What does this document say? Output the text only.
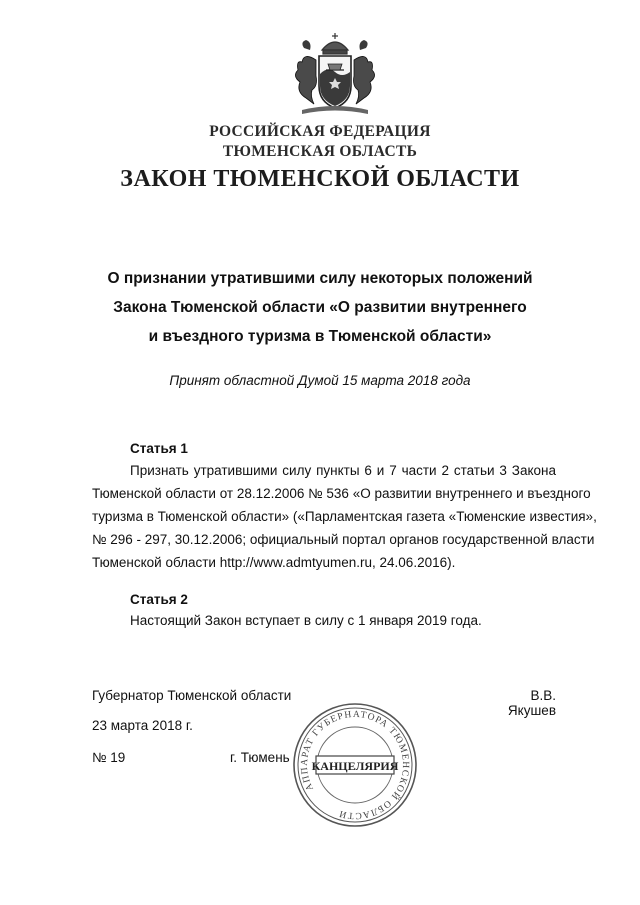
РОССИЙСКАЯ ФЕДЕРАЦИЯ
ТЮМЕНСКАЯ ОБЛАСТЬ
ЗАКОН ТЮМЕНСКОЙ ОБЛАСТИ
О признании утратившими силу некоторых положений
Закона Тюменской области «О развитии внутреннего
и въездного туризма в Тюменской области»
Принят областной Думой 15 марта 2018 года
Статья 1
Признать утратившими силу пункты 6 и 7 части 2 статьи 3 Закона
Тюменской области от 28.12.2006 № 536 «О развитии внутреннего и въездного
туризма в Тюменской области» («Парламентская газета «Тюменские известия»,
№ 296 - 297, 30.12.2006; официальный портал органов государственной власти
Тюменской области http://www.admtyumen.ru, 24.06.2016).
Статья 2
Настоящий Закон вступает в силу с 1 января 2019 года.
Губернатор Тюменской области	В.В. Якушев
23 марта 2018 г.
№ 19	г. Тюмень
АППАРАТ ГУБЕРНАТОРА ТЮМЕНСКОЙ ОБЛАСТИ
КАНЦЕЛЯРИЯ
